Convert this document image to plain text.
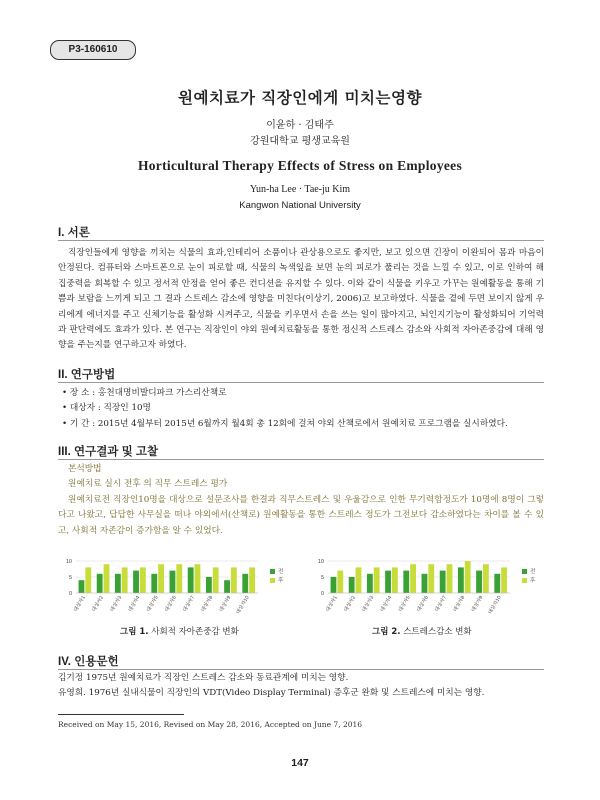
P3-160610
원예치료가 직장인에게 미치는영향
이윤하 · 김태주
강원대학교 평생교육원
Horticultural Therapy Effects of Stress on Employees
Yun-ha Lee · Tae-ju Kim
Kangwon National University
I. 서론

직장인들에게 영향을 끼치는 식물의 효과,인테리어 소품이나 관상용으로도 좋지만, 보고 있으면 긴장이 이완되어 몸과 마음이 안정된다. 컴퓨터와 스마트폰으로 눈이 피로할 때, 식물의 녹색잎을 보면 눈의 피로가 풀리는 것을 느낄 수 있고, 이로 인하여 해 집중력을 회복할 수 있고 정서적 안정을 얻어 좋은 컨디션을 유지할 수 있다. 이와 같이 식물을 키우고 가꾸는 원예활동을 통해 기쁨과 보람을 느끼게 되고 그 결과 스트레스 감소에 영향을 미친다(이상기, 2006)고 보고하였다. 식물을 곁에 두면 보이지 않게 우리에게 에너지를 주고 신체기능을 활성화 시켜주고, 식물을 키우면서 손을 쓰는 일이 많아지고, 뇌인지기능이 활성화되어 기억력과 판단력에도 효과가 있다. 본 연구는 직장인이 야외 원예치료활동을 통한 정신적 스트레스 감소와 사회적 자아존중감에 대해 영향을 주는지를 연구하고자 하였다.

II. 연구방법
• 장 소 : 홍천대명비발디파크 가스리산책로
• 대상자 : 직장인 10명
• 기 간 : 2015년 4월부터 2015년 6월까지 월4회 총 12회에 걸쳐 야외 산책로에서 원예치료 프로그램을 실시하였다.
III. 연구결과 및 고찰

본석방법

원예치료 실시 전후 의 직무 스트레스 평가

원예치료전 직장인10명을 대상으로 설문조사를 한결과 직무스트레스 및 우울감으로 인한 무기력함정도가 10명에 8명이 그렇다고 나왔고, 답답한 사무실을 떠나 야외에서(산책로) 원예활동을 통한 스트레스 정도가 그전보다 감소하였다는 차이를 볼 수 있고, 사회적 자존감이 증가함을 알 수 있었다.

0
5
10
대상자1 대상자2 대상자3 대상자4 대상자5 대상자6 대상자7 대상자8 대상자9 대상자10
전
후
0
5
10
대상자1 대상자2 대상자3 대상자4 대상자5 대상자6 대상자7 대상자8 대상자9 대상자10
전
후
그림 1. 사회적 자아존중감 변화	그림 2. 스트레스감소 변화
IV. 인용문헌

김기정 1975년 원예치료가 직장인 스트레스 감소와 동료관계에 미치는 영향.

유영희. 1976년 실내식물이 직장인의 VDT(Video Display Terminal) 증후군 완화 및 스트레스에 미치는 영향.

Received on May 15, 2016, Revised on May 28, 2016, Accepted on June 7, 2016
147
